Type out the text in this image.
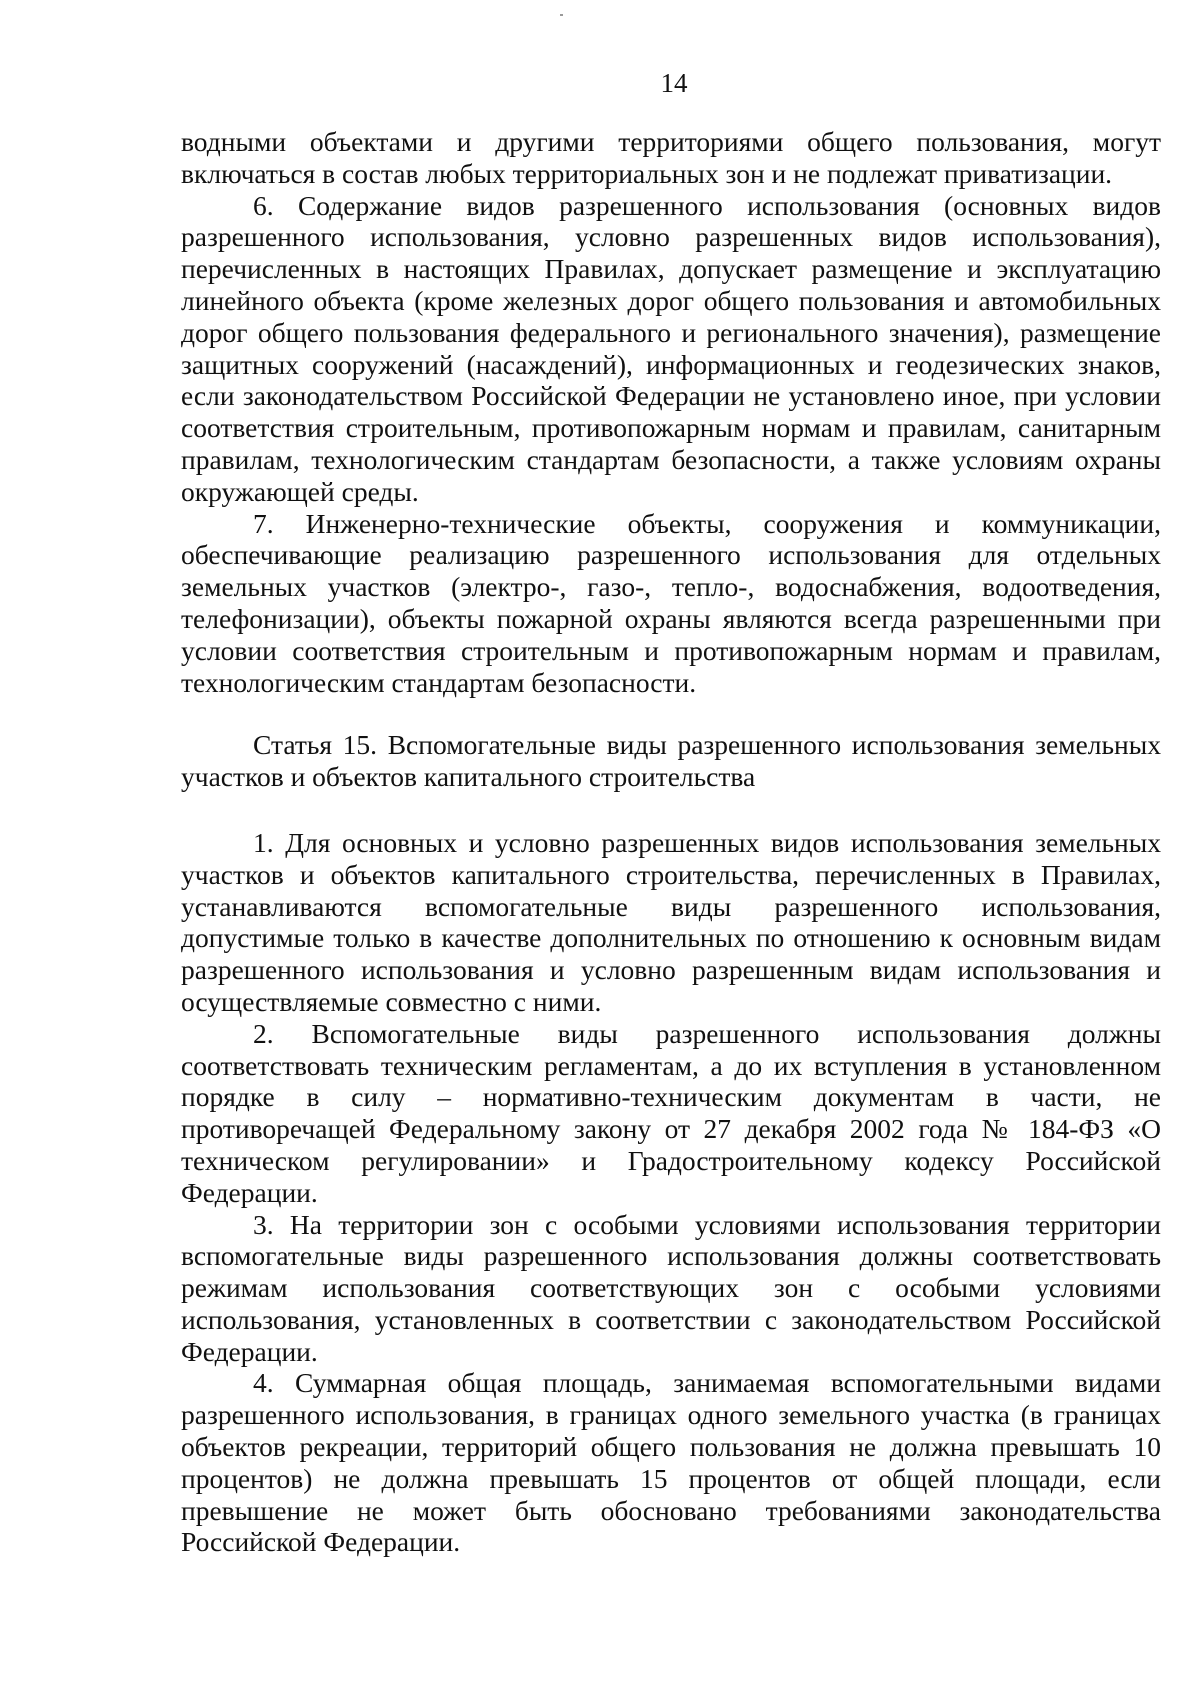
14

водными объектами и другими территориями общего пользования, могут включаться в состав любых территориальных зон и не подлежат приватизации.

6. Содержание видов разрешенного использования (основных видов разрешенного использования, условно разрешенных видов использования), перечисленных в настоящих Правилах, допускает размещение и эксплуатацию линейного объекта (кроме железных дорог общего пользования и автомобильных дорог общего пользования федерального и регионального значения), размещение защитных сооружений (насаждений), информационных и геодезических знаков, если законодательством Российской Федерации не установлено иное, при условии соответствия строительным, противопожарным нормам и правилам, санитарным правилам, технологическим стандартам безопасности, а также условиям охраны окружающей среды.

7. Инженерно-технические объекты, сооружения и коммуникации, обеспечивающие реализацию разрешенного использования для отдельных земельных участков (электро-, газо-, тепло-, водоснабжения, водоотведения, телефонизации), объекты пожарной охраны являются всегда разрешенными при условии соответствия строительным и противопожарным нормам и правилам, технологическим стандартам безопасности.

Статья 15. Вспомогательные виды разрешенного использования земельных участков и объектов капитального строительства

1. Для основных и условно разрешенных видов использования земельных участков и объектов капитального строительства, перечисленных в Правилах, устанавливаются вспомогательные виды разрешенного использования, допустимые только в качестве дополнительных по отношению к основным видам разрешенного использования и условно разрешенным видам использования и осуществляемые совместно с ними.

2. Вспомогательные виды разрешенного использования должны соответствовать техническим регламентам, а до их вступления в установленном порядке в силу – нормативно-техническим документам в части, не противоречащей Федеральному закону от 27 декабря 2002 года № 184-ФЗ «О техническом регулировании» и Градостроительному кодексу Российской Федерации.

3. На территории зон с особыми условиями использования территории вспомогательные виды разрешенного использования должны соответствовать режимам использования соответствующих зон с особыми условиями использования, установленных в соответствии с законодательством Российской Федерации.

4. Суммарная общая площадь, занимаемая вспомогательными видами разрешенного использования, в границах одного земельного участка (в границах объектов рекреации, территорий общего пользования не должна превышать 10 процентов) не должна превышать 15 процентов от общей площади, если превышение не может быть обосновано требованиями законодательства Российской Федерации.
